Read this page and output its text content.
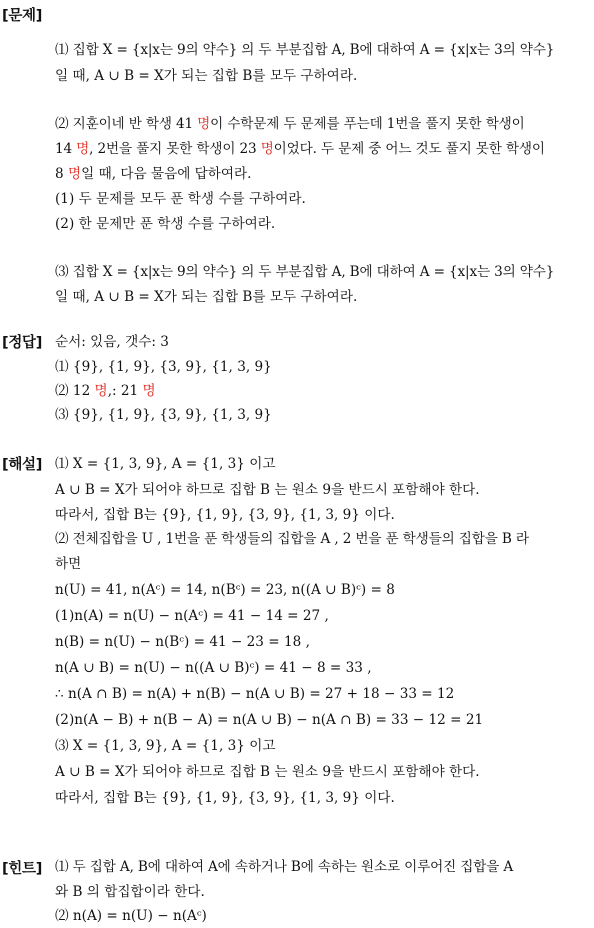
[문제]
⑴ 집합 X = {x|x는 9의 약수} 의 두 부분집합 A, B에 대하여 A = {x|x는 3의 약수}
일 때, A ∪ B = X가 되는 집합 B를 모두 구하여라.
⑵ 지훈이네 반 학생 41 명이 수학문제 두 문제를 푸는데 1번을 풀지 못한 학생이
14 명, 2번을 풀지 못한 학생이 23 명이었다. 두 문제 중 어느 것도 풀지 못한 학생이
8 명일 때, 다음 물음에 답하여라.
(1) 두 문제를 모두 푼 학생 수를 구하여라.
(2) 한 문제만 푼 학생 수를 구하여라.
⑶ 집합 X = {x|x는 9의 약수} 의 두 부분집합 A, B에 대하여 A = {x|x는 3의 약수}
일 때, A ∪ B = X가 되는 집합 B를 모두 구하여라.
[정답] 순서: 있음, 갯수: 3
⑴ {9}, {1, 9}, {3, 9}, {1, 3, 9}
⑵ 12 명,: 21 명
⑶ {9}, {1, 9}, {3, 9}, {1, 3, 9}
[해설] ⑴ X = {1, 3, 9}, A = {1, 3} 이고
A ∪ B = X가 되어야 하므로 집합 B 는 원소 9을 반드시 포함해야 한다.
따라서, 집합 B는 {9}, {1, 9}, {3, 9}, {1, 3, 9} 이다.
⑵ 전체집합을 U , 1번을 푼 학생들의 집합을 A , 2 번을 푼 학생들의 집합을 B 라
하면
n(U) = 41, n(Aᶜ) = 14, n(Bᶜ) = 23, n((A ∪ B)ᶜ) = 8
(1)n(A) = n(U) − n(Aᶜ) = 41 − 14 = 27 ,
n(B) = n(U) − n(Bᶜ) = 41 − 23 = 18 ,
n(A ∪ B) = n(U) − n((A ∪ B)ᶜ) = 41 − 8 = 33 ,
∴ n(A ∩ B) = n(A) + n(B) − n(A ∪ B) = 27 + 18 − 33 = 12
(2)n(A − B) + n(B − A) = n(A ∪ B) − n(A ∩ B) = 33 − 12 = 21
⑶ X = {1, 3, 9}, A = {1, 3} 이고
A ∪ B = X가 되어야 하므로 집합 B 는 원소 9을 반드시 포함해야 한다.
따라서, 집합 B는 {9}, {1, 9}, {3, 9}, {1, 3, 9} 이다.
[힌트] ⑴ 두 집합 A, B에 대하여 A에 속하거나 B에 속하는 원소로 이루어진 집합을 A
와 B 의 합집합이라 한다.
⑵ n(A) = n(U) − n(Aᶜ)
